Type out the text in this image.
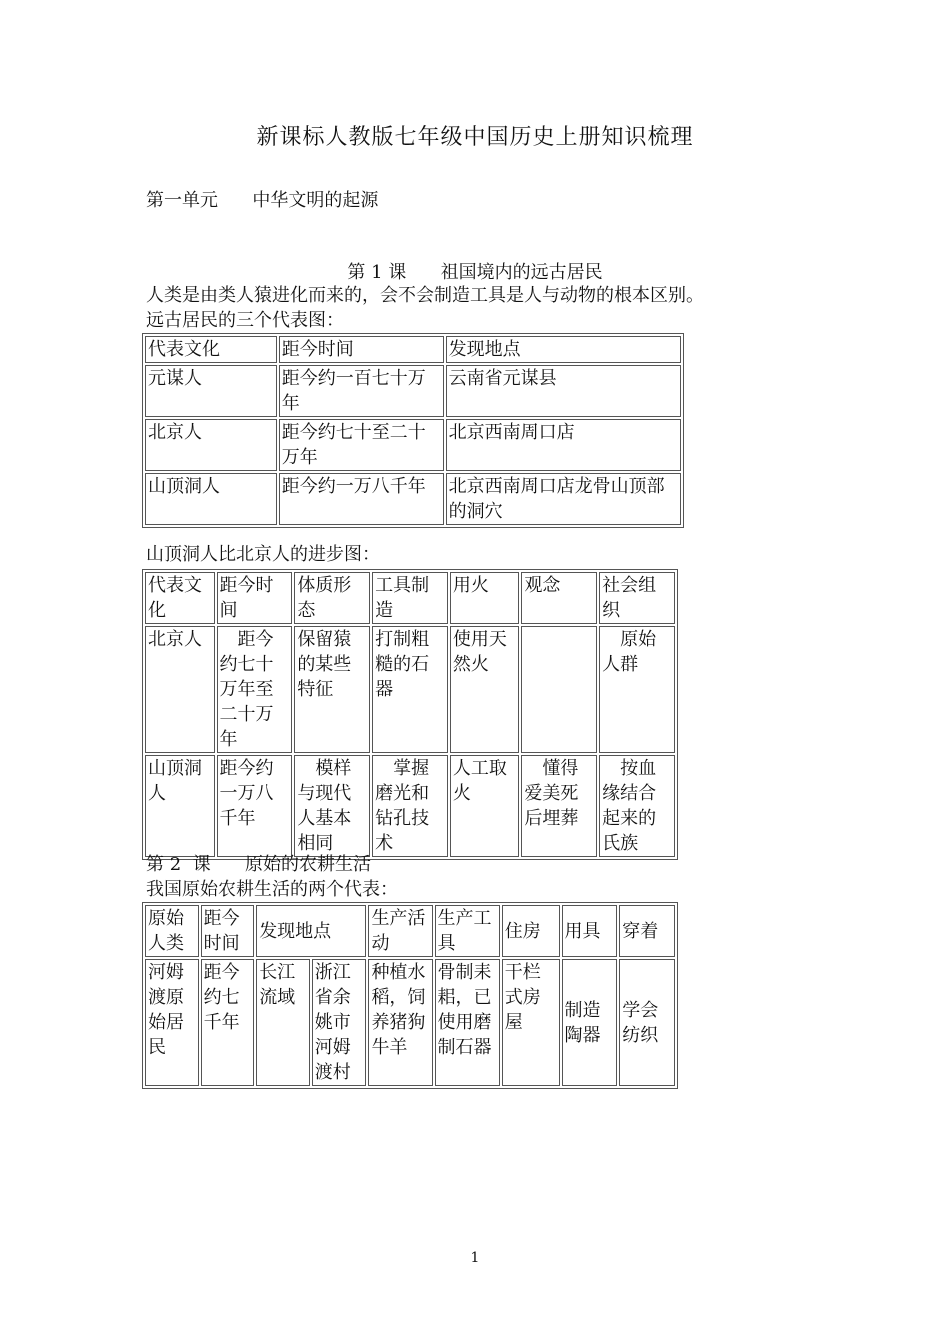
新课标人教版七年级中国历史上册知识梳理
第一单元      中华文明的起源
第 1 课      祖国境内的远古居民
人类是由类人猿进化而来的，会不会制造工具是人与动物的根本区别。
远古居民的三个代表图：
代表文化	距今时间	发现地点
元谋人	距今约一百七十万年	云南省元谋县
北京人	距今约七十至二十万年	北京西南周口店
山顶洞人	距今约一万八千年	北京西南周口店龙骨山顶部的洞穴
山顶洞人比北京人的进步图：
代表文化	距今时间	体质形态	工具制造	用火	观念	社会组织
北京人	距今约七十万年至二十万年	保留猿的某些特征	打制粗糙的石器	使用天然火		原始人群
山顶洞人	距今约一万八千年	模样与现代人基本相同	掌握磨光和钻孔技术	人工取火	懂得爱美死后埋葬	按血缘结合起来的氏族
第 2  课      原始的农耕生活
我国原始农耕生活的两个代表：
原始人类	距今时间	发现地点		生产活动	生产工具	住房	用具	穿着
河姆渡原始居民	距今约七千年	长江流域	浙江省余姚市河姆渡村	种植水稻，饲养猪狗牛羊	骨制耒耜，已使用磨制石器	干栏式房屋	制造陶器	学会纺织
1
